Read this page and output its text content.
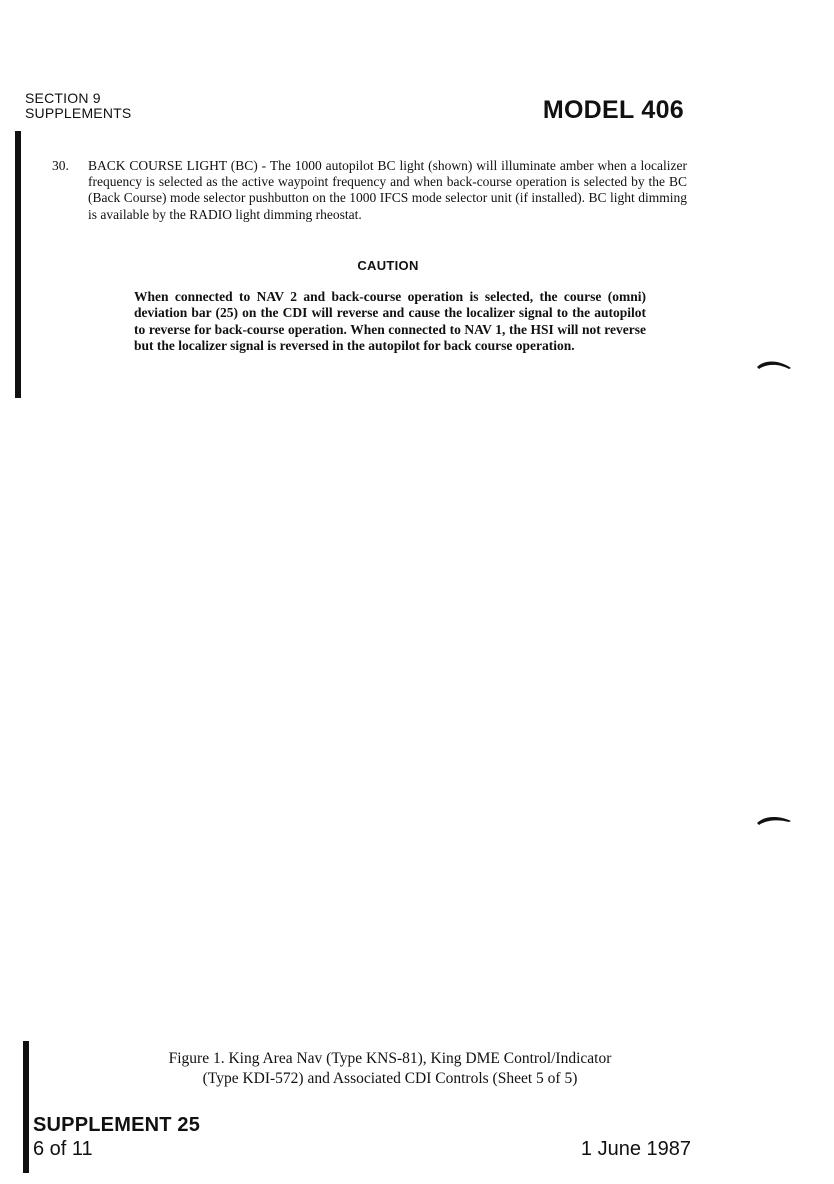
SECTION 9
SUPPLEMENTS	MODEL 406
30.	BACK COURSE LIGHT (BC) - The 1000 autopilot BC light (shown) will illuminate amber when a localizer frequency is selected as the active waypoint frequency and when back-course operation is selected by the BC (Back Course) mode selector pushbutton on the 1000 IFCS mode selector unit (if installed). BC light dimming is available by the RADIO light dimming rheostat.
CAUTION
When connected to NAV 2 and back-course operation is selected, the course (omni) deviation bar (25) on the CDI will reverse and cause the localizer signal to the autopilot to reverse for back-course operation. When connected to NAV 1, the HSI will not reverse but the localizer signal is reversed in the autopilot for back course operation.
Figure 1. King Area Nav (Type KNS-81), King DME Control/Indicator
(Type KDI-572) and Associated CDI Controls (Sheet 5 of 5)
SUPPLEMENT 25
6 of 11	1 June 1987
